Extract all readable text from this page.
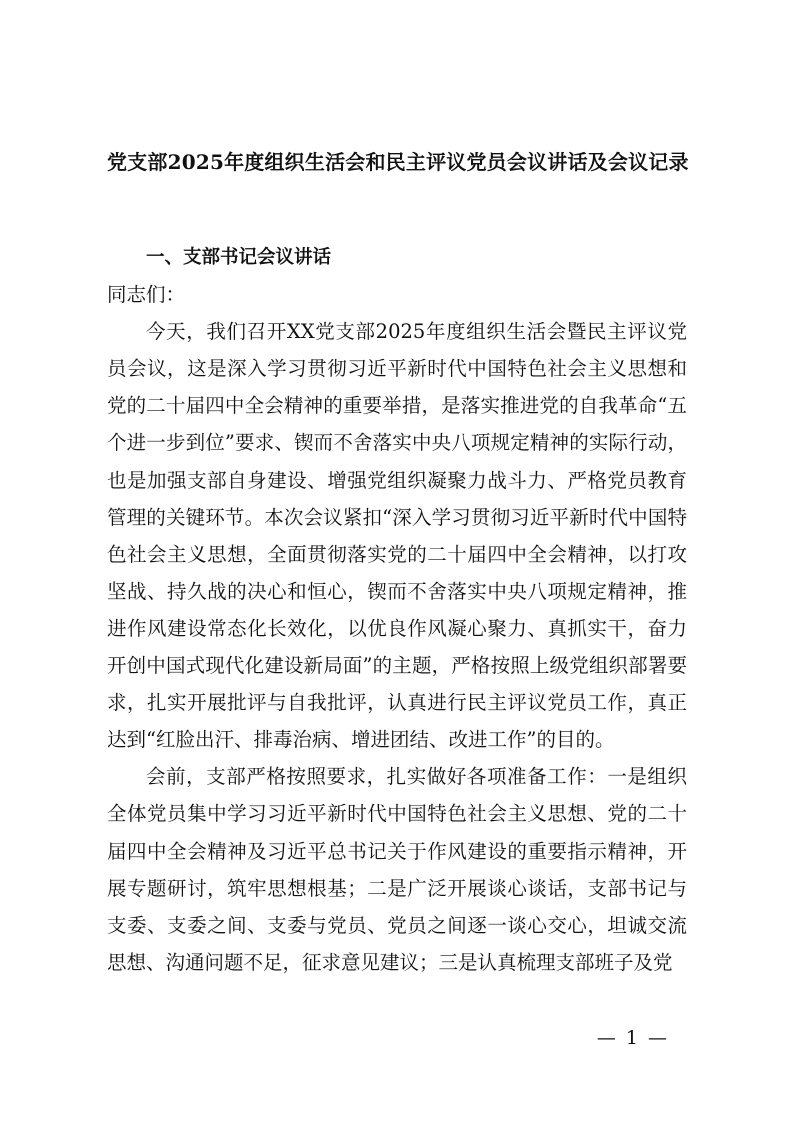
党支部2025年度组织生活会和民主评议党员会议讲话及会议记录

一、支部书记会议讲话

同志们：

今天，我们召开XX党支部2025年度组织生活会暨民主评议党员会议，这是深入学习贯彻习近平新时代中国特色社会主义思想和党的二十届四中全会精神的重要举措，是落实推进党的自我革命“五个进一步到位”要求、锲而不舍落实中央八项规定精神的实际行动，也是加强支部自身建设、增强党组织凝聚力战斗力、严格党员教育管理的关键环节。本次会议紧扣“深入学习贯彻习近平新时代中国特色社会主义思想，全面贯彻落实党的二十届四中全会精神，以打攻坚战、持久战的决心和恒心，锲而不舍落实中央八项规定精神，推进作风建设常态化长效化，以优良作风凝心聚力、真抓实干，奋力开创中国式现代化建设新局面”的主题，严格按照上级党组织部署要求，扎实开展批评与自我批评，认真进行民主评议党员工作，真正达到“红脸出汗、排毒治病、增进团结、改进工作”的目的。

会前，支部严格按照要求，扎实做好各项准备工作：一是组织全体党员集中学习习近平新时代中国特色社会主义思想、党的二十届四中全会精神及习近平总书记关于作风建设的重要指示精神，开展专题研讨，筑牢思想根基；二是广泛开展谈心谈话，支部书记与支委、支委之间、支委与党员、党员之间逐一谈心交心，坦诚交流思想、沟通问题不足，征求意见建议；三是认真梳理支部班子及党

— 1 —
